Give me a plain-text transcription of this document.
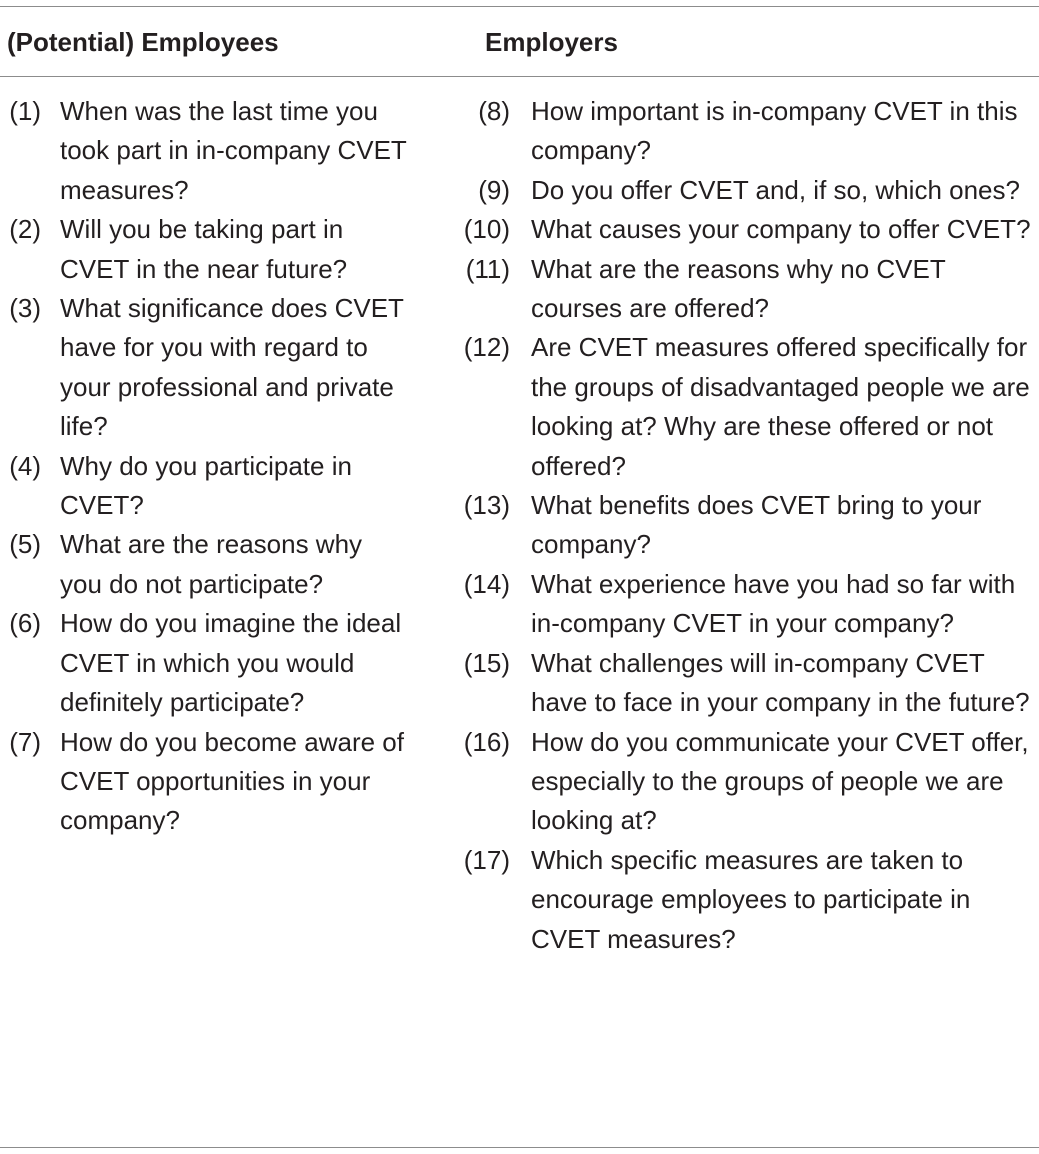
(Potential) Employees	Employers
(1) When was the last time you took part in in-company CVET measures?
(2) Will you be taking part in CVET in the near future?
(3) What significance does CVET have for you with regard to your professional and private life?
(4) Why do you participate in CVET?
(5) What are the reasons why you do not participate?
(6) How do you imagine the ideal CVET in which you would definitely participate?
(7) How do you become aware of CVET opportunities in your company?
(8) How important is in-company CVET in this company?
(9) Do you offer CVET and, if so, which ones?
(10) What causes your company to offer CVET?
(11) What are the reasons why no CVET courses are offered?
(12) Are CVET measures offered specifically for the groups of disadvantaged people we are looking at? Why are these offered or not offered?
(13) What benefits does CVET bring to your company?
(14) What experience have you had so far with in-company CVET in your company?
(15) What challenges will in-company CVET have to face in your company in the future?
(16) How do you communicate your CVET offer, especially to the groups of people we are looking at?
(17) Which specific measures are taken to encourage employees to participate in CVET measures?
